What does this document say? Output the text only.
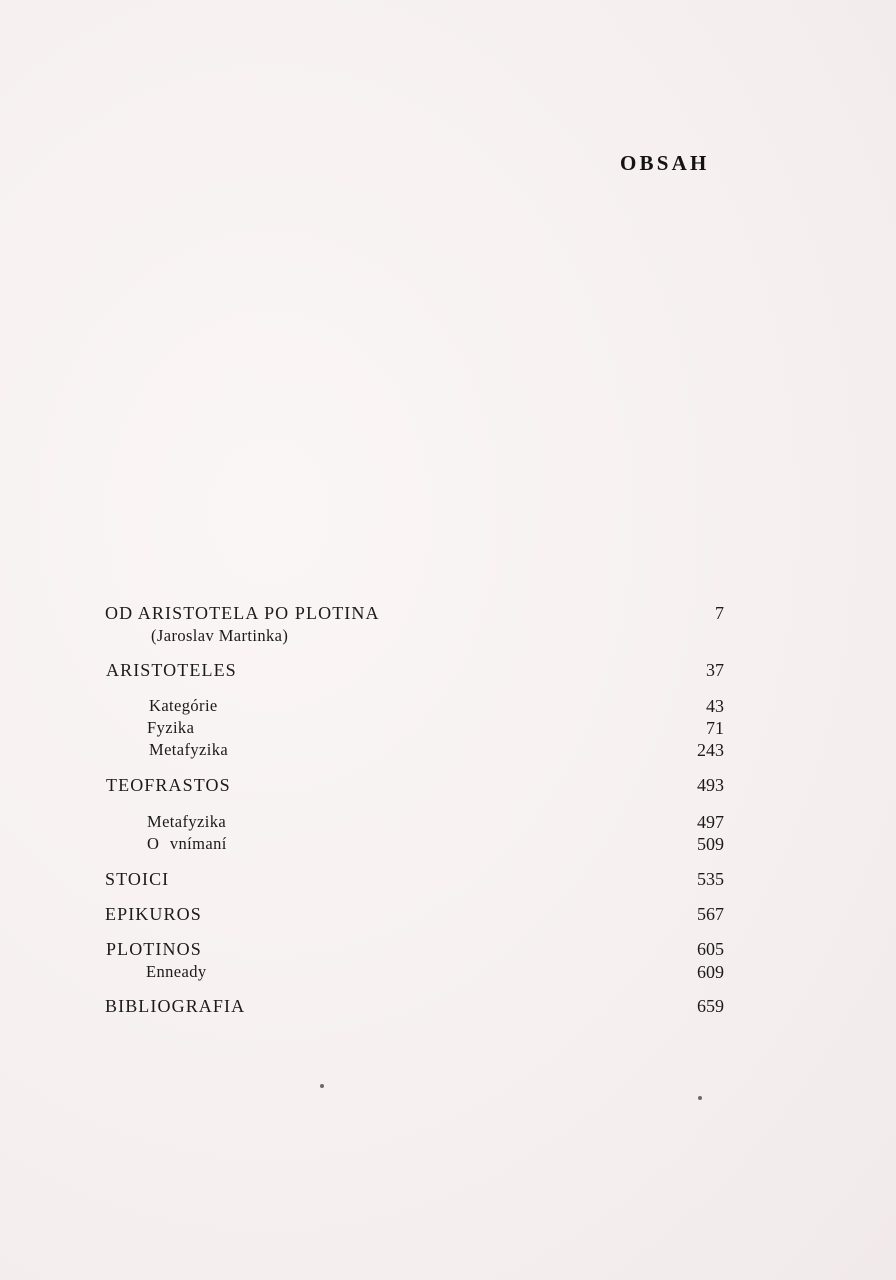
OBSAH
OD ARISTOTELA PO PLOTINA	7
(Jaroslav Martinka)
ARISTOTELES	37
Kategórie	43
Fyzika	71
Metafyzika	243
TEOFRASTOS	493
Metafyzika	497
O vnímaní	509
STOICI	535
EPIKUROS	567
PLOTINOS	605
Enneady	609
BIBLIOGRAFIA	659
